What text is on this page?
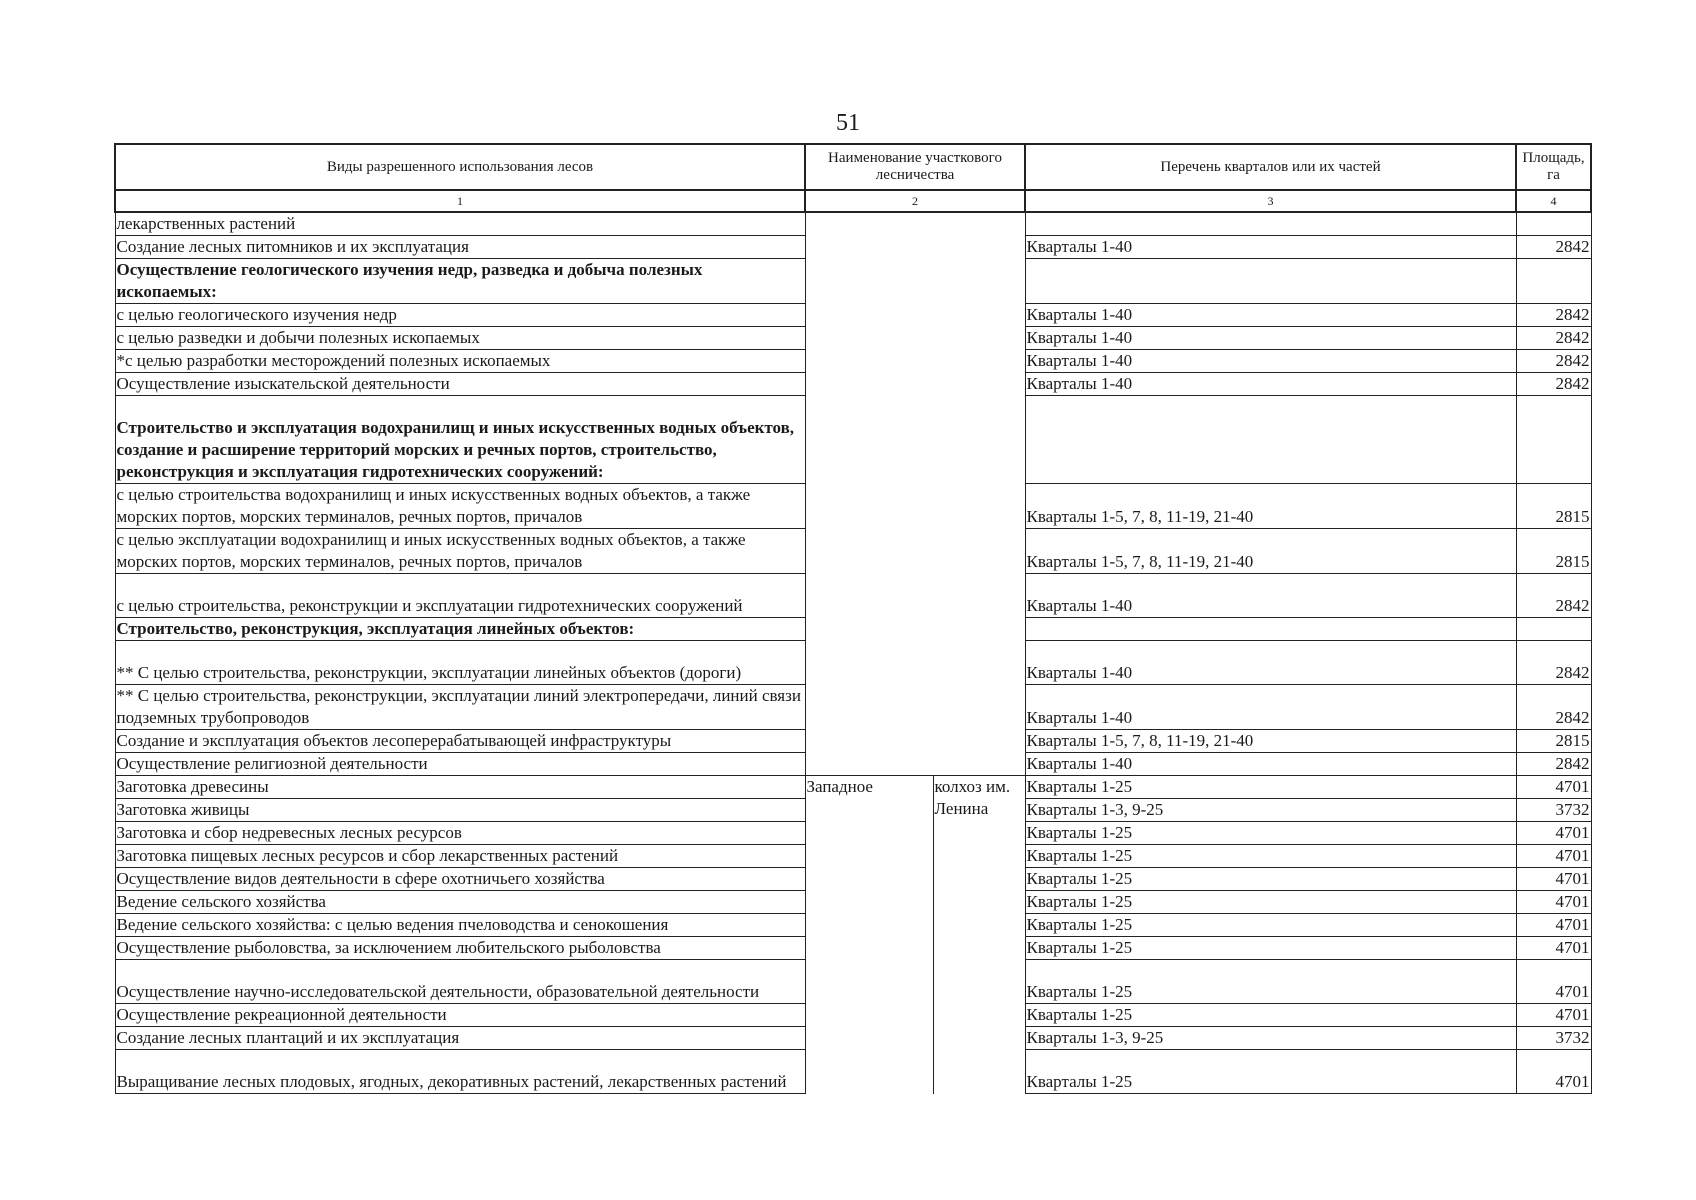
51
Виды разрешенного использования лесов	Наименование участкового лесничества		Перечень кварталов или их частей	Площадь, га
1	2		3	4
лекарственных растений				
Создание лесных питомников и их эксплуатация			Кварталы 1-40	2842
Осуществление геологического изучения недр, разведка и добыча полезных ископаемых:				
с целью геологического изучения недр			Кварталы 1-40	2842
с целью разведки и добычи полезных ископаемых			Кварталы 1-40	2842
*с целью разработки месторождений полезных ископаемых			Кварталы 1-40	2842
Осуществление изыскательской деятельности			Кварталы 1-40	2842
Строительство и эксплуатация водохранилищ и иных искусственных водных объектов, создание и расширение территорий морских и речных портов, строительство, реконструкция и эксплуатация гидротехнических сооружений:				
с целью строительства водохранилищ и иных искусственных водных объектов, а также морских портов, морских терминалов, речных портов, причалов			Кварталы 1-5, 7, 8, 11-19, 21-40	2815
с целью эксплуатации водохранилищ и иных искусственных водных объектов, а также морских портов, морских терминалов, речных портов, причалов			Кварталы 1-5, 7, 8, 11-19, 21-40	2815
с целью строительства, реконструкции и эксплуатации гидротехнических сооружений			Кварталы 1-40	2842
Строительство, реконструкция, эксплуатация линейных объектов:				
** С целью строительства, реконструкции, эксплуатации линейных объектов (дороги)			Кварталы 1-40	2842
** С целью строительства, реконструкции, эксплуатации линий электропередачи, линий связи подземных трубопроводов			Кварталы 1-40	2842
Создание и эксплуатация объектов лесоперерабатывающей инфраструктуры			Кварталы 1-5, 7, 8, 11-19, 21-40	2815
Осуществление религиозной деятельности			Кварталы 1-40	2842
Заготовка древесины	Западное	колхоз им. Ленина	Кварталы 1-25	4701
Заготовка живицы			Кварталы 1-3, 9-25	3732
Заготовка и сбор недревесных лесных ресурсов			Кварталы 1-25	4701
Заготовка пищевых лесных ресурсов и сбор лекарственных растений			Кварталы 1-25	4701
Осуществление видов деятельности в сфере охотничьего хозяйства			Кварталы 1-25	4701
Ведение сельского хозяйства			Кварталы 1-25	4701
Ведение сельского хозяйства: с целью ведения пчеловодства и сенокошения			Кварталы 1-25	4701
Осуществление рыболовства, за исключением любительского рыболовства			Кварталы 1-25	4701
Осуществление научно-исследовательской деятельности, образовательной деятельности			Кварталы 1-25	4701
Осуществление рекреационной деятельности			Кварталы 1-25	4701
Создание лесных плантаций и их эксплуатация			Кварталы 1-3, 9-25	3732
Выращивание лесных плодовых, ягодных, декоративных растений, лекарственных растений			Кварталы 1-25	4701
